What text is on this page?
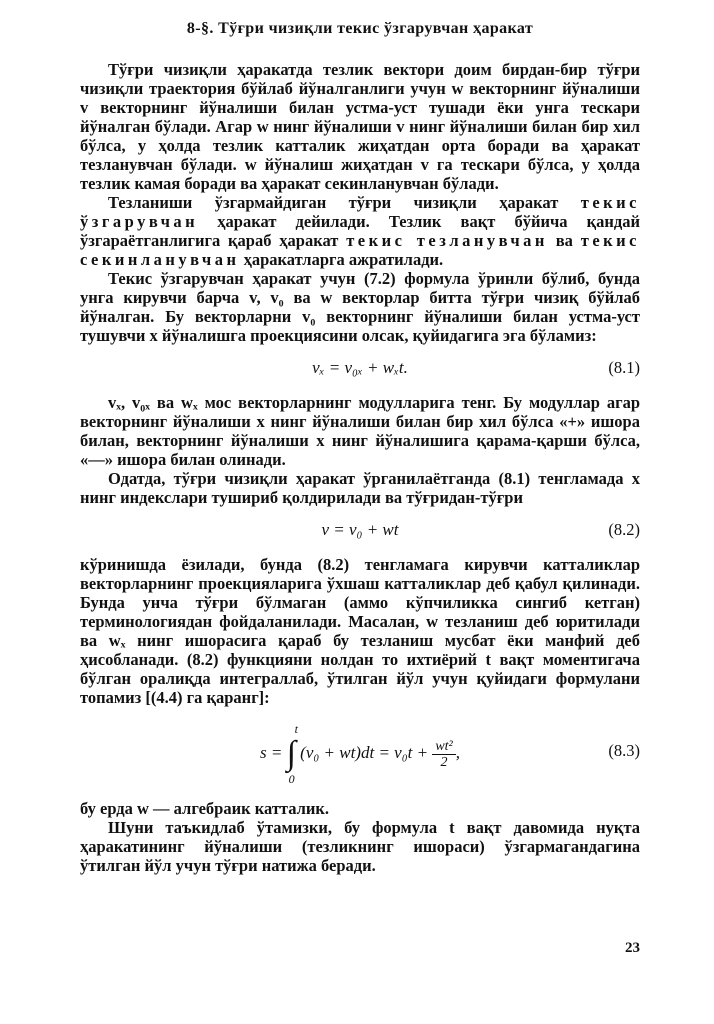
8-§. Тўғри чизиқли текис ўзгарувчан ҳаракат

Тўғри чизиқли ҳаракатда тезлик вектори доим бирдан-бир тўғри чизиқли траектория бўйлаб йўналганлиги учун w векторнинг йўналиши v векторнинг йўналиши билан устма-уст тушади ёки унга тескари йўналган бўлади. Агар w нинг йўналиши v нинг йўналиши билан бир хил бўлса, у ҳолда тезлик катталик жиҳатдан орта боради ва ҳаракат тезланувчан бўлади. w йўналиш жиҳатдан v га тескари бўлса, у ҳолда тезлик камая боради ва ҳаракат секинланувчан бўлади.

Тезланиши ўзгармайдиган тўғри чизиқли ҳаракат текис ўзгарувчан ҳаракат дейилади. Тезлик вақт бўйича қандай ўзгараётганлигига қараб ҳаракат текис тезланувчан ва текис секинланувчан ҳаракатларга ажратилади.

Текис ўзгарувчан ҳаракат учун (7.2) формула ўринли бўлиб, бунда унга кирувчи барча v, v₀ ва w векторлар битта тўғри чизиқ бўйлаб йўналган. Бу векторларни v₀ векторнинг йўналиши билан устма-уст тушувчи x йўналишга проекциясини олсак, қуйидагига эга бўламиз:

vₓ = v₀ₓ + wₓt.	(8.1)

vₓ, v₀ₓ ва wₓ мос векторларнинг модулларига тенг. Бу модуллар агар векторнинг йўналиши x нинг йўналиши билан бир хил бўлса «+» ишора билан, векторнинг йўналиши x нинг йўналишига қарама-қарши бўлса, «—» ишора билан олинади.

Одатда, тўғри чизиқли ҳаракат ўрганилаётганда (8.1) тенгламада x нинг индекслари тушириб қолдирилади ва тўғридан-тўғри

v = v₀ + wt	(8.2)

кўринишда ёзилади, бунда (8.2) тенгламага кирувчи катталиклар векторларнинг проекцияларига ўхшаш катталиклар деб қабул қилинади. Бунда унча тўғри бўлмаган (аммо кўпчиликка сингиб кетган) терминологиядан фойдаланилади. Масалан, w тезланиш деб юритилади ва wₓ нинг ишорасига қараб бу тезланиш мусбат ёки манфий деб ҳисобланади. (8.2) функцияни нолдан то ихтиёрий t вақт моментигача бўлган оралиқда интеграллаб, ўтилган йўл учун қуйидаги формулани топамиз [(4.4) га қаранг]:

s = ∫
t
0
$(v_0 + wt)dt = v_0t + \frac{\text{wt²}}{2}$ ,	(8.3)

бу ерда w — алгебраик катталик.

Шуни таъкидлаб ўтамизки, бу формула t вақт давомида нуқта ҳаракатининг йўналиши (тезликнинг ишораси) ўзгармагандагина ўтилган йўл учун тўғри натижа беради.

23
